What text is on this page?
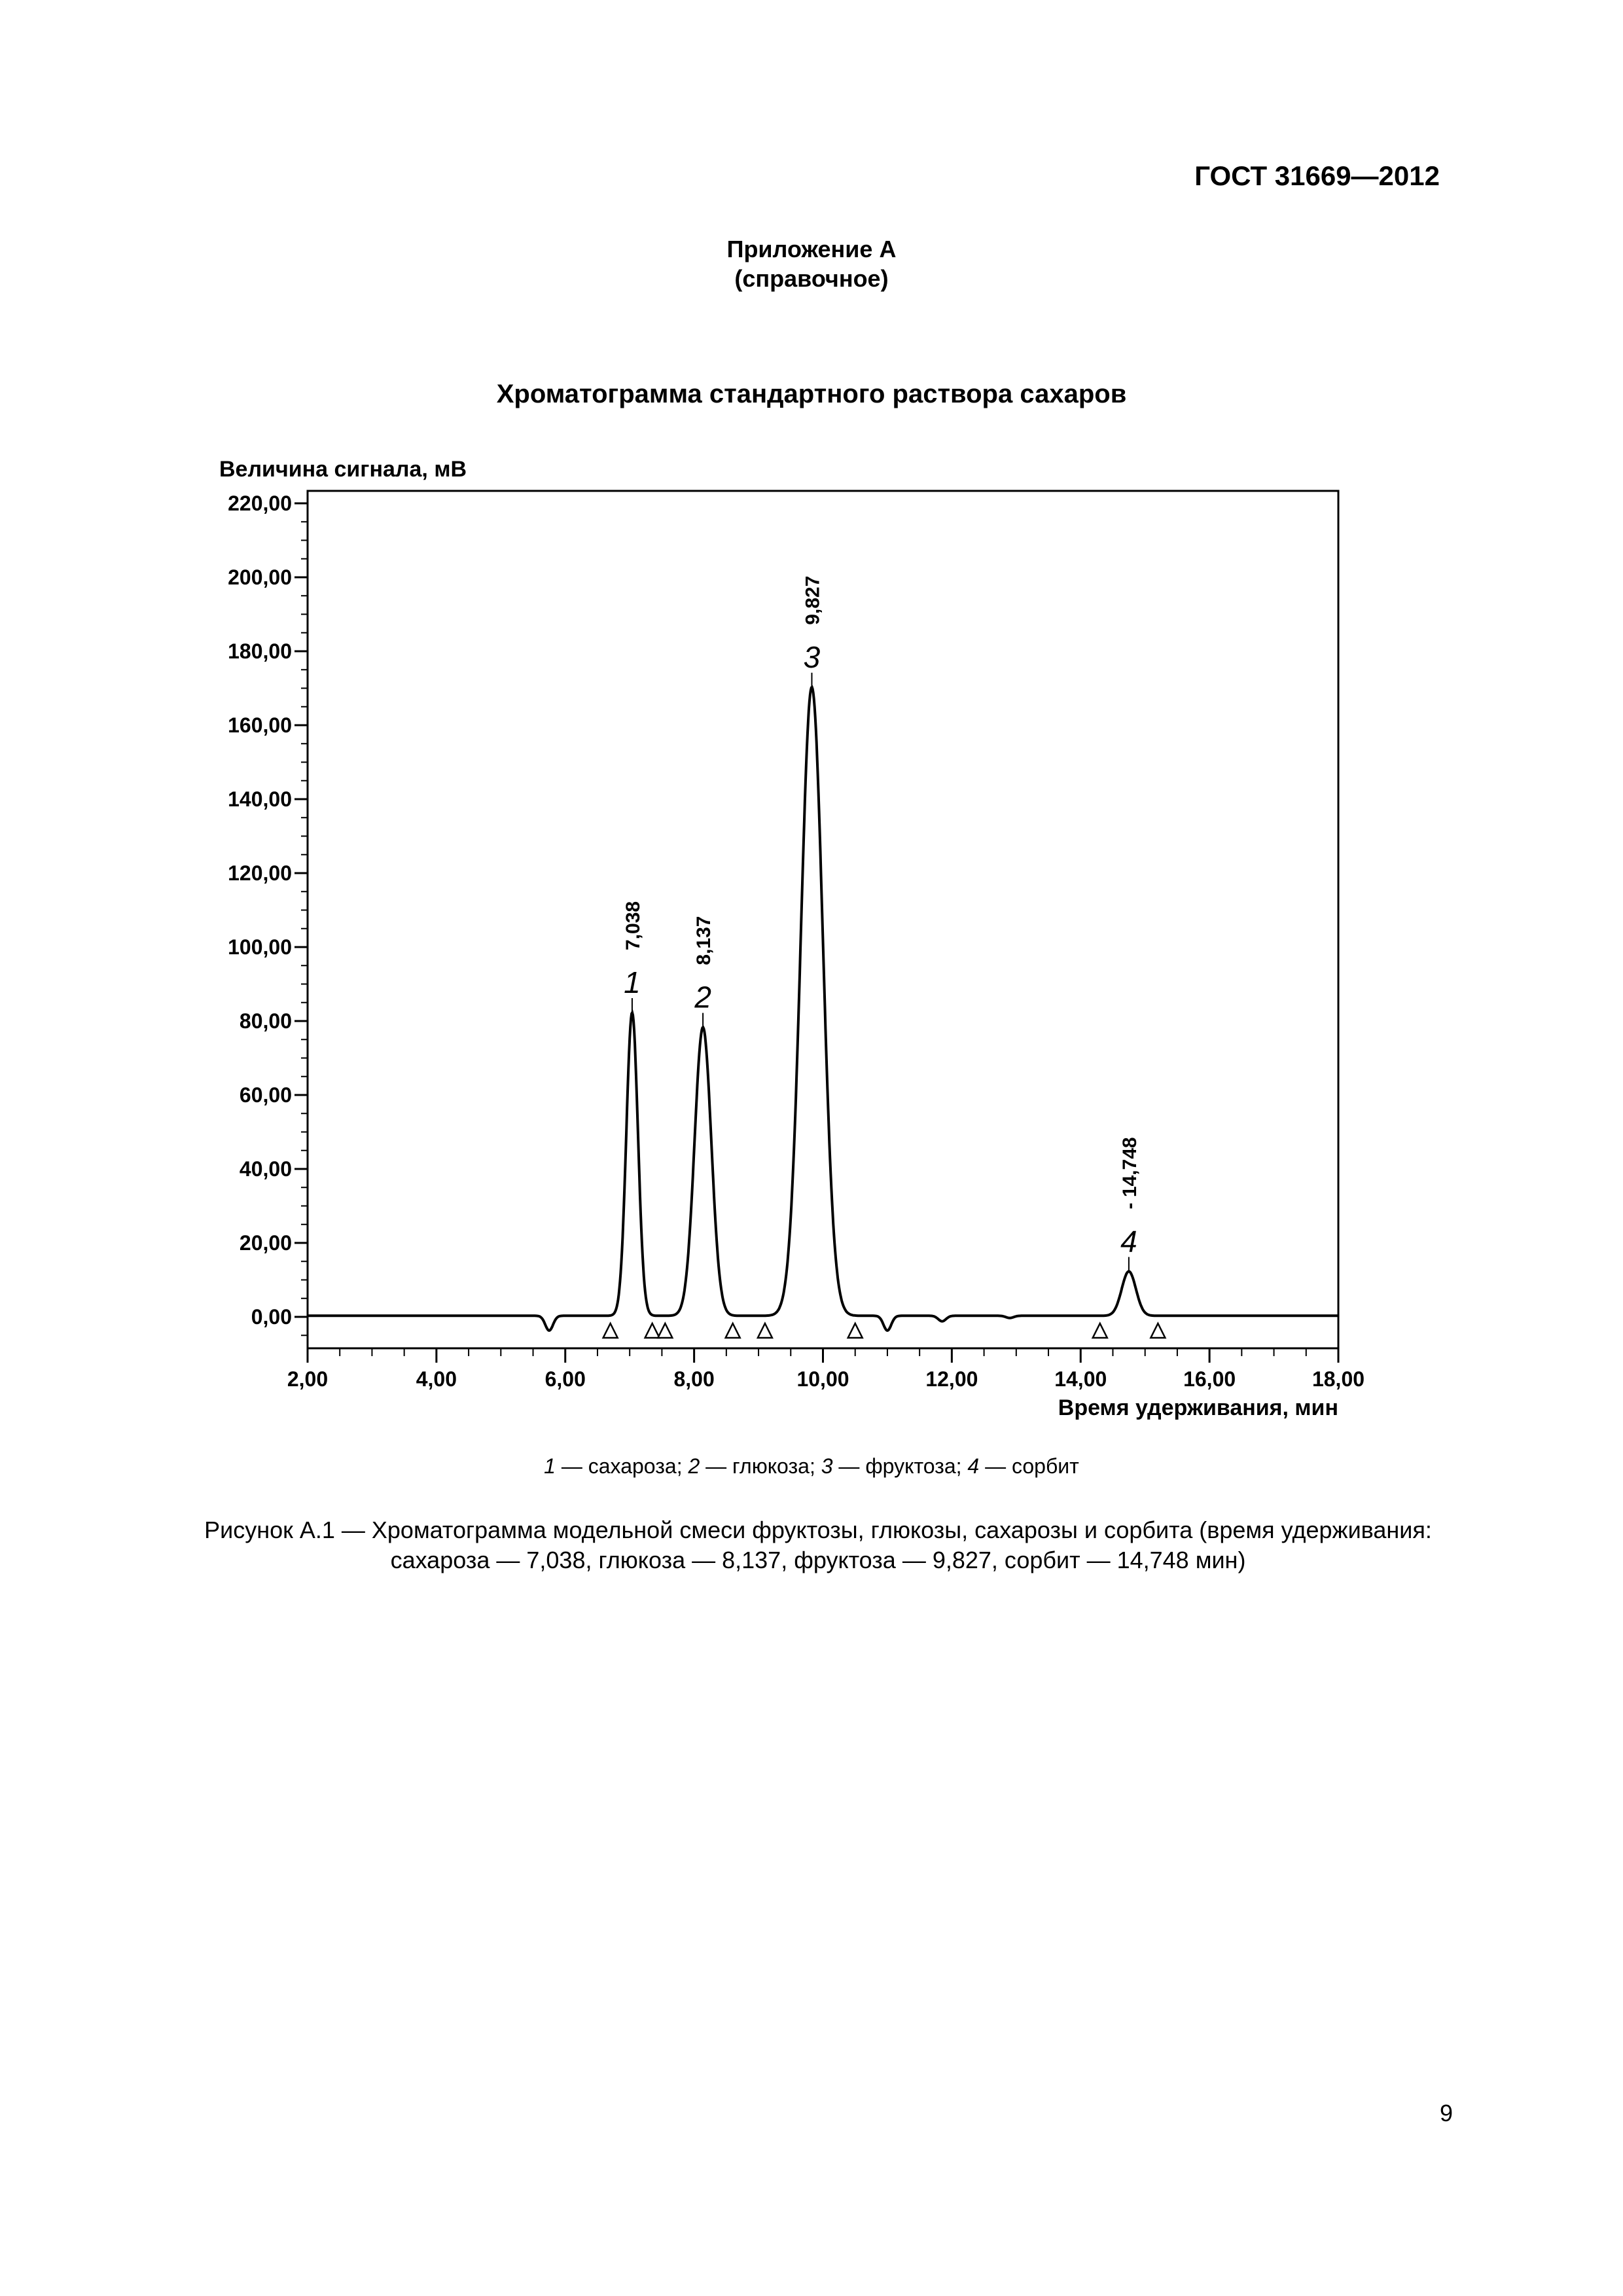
ГОСТ 31669—2012
Приложение А
(справочное)
Хроматограмма стандартного раствора сахаров
Величина сигнала, мВ
0,00
20,00
40,00
60,00
80,00
100,00
120,00
140,00
160,00
180,00
200,00
220,00
2,00	4,00	6,00	8,00	10,00	12,00	14,00	16,00	18,00
1
7,038
2
8,137
3
9,827
4
- 14,748
Время удерживания, мин
1 — сахароза; 2 — глюкоза; 3 — фруктоза; 4 — сорбит
Рисунок А.1 — Хроматограмма модельной смеси фруктозы, глюкозы, сахарозы и сорбита (время удерживания:
сахароза — 7,038, глюкоза — 8,137, фруктоза — 9,827, сорбит — 14,748 мин)
9
